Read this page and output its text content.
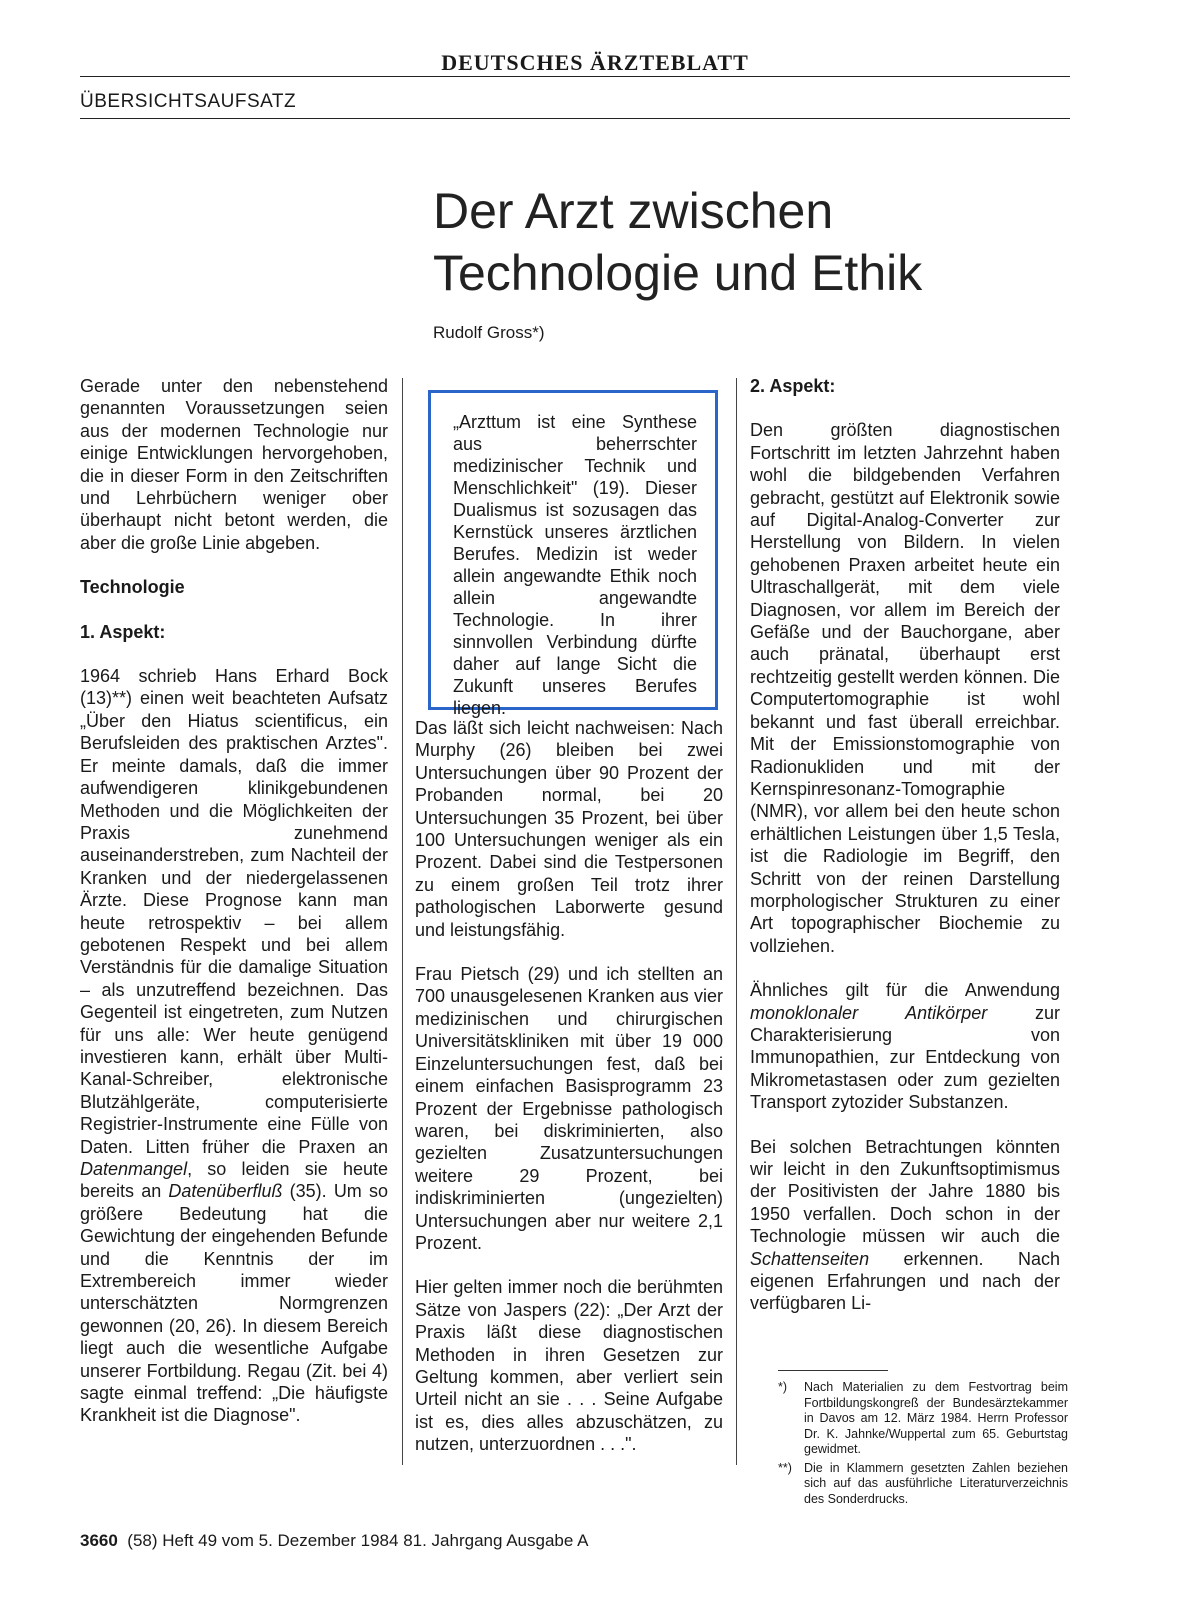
DEUTSCHES ÄRZTEBLATT
ÜBERSICHTSAUFSATZ
Der Arzt zwischen
Technologie und Ethik
Rudolf Gross*)

Gerade unter den nebenstehend genannten Voraussetzungen seien aus der modernen Technologie nur einige Entwicklungen hervorgehoben, die in dieser Form in den Zeitschriften und Lehrbüchern weniger ober überhaupt nicht betont werden, die aber die große Linie abgeben.

Technologie
1. Aspekt:

1964 schrieb Hans Erhard Bock (13)**) einen weit beachteten Aufsatz „Über den Hiatus scientificus, ein Berufsleiden des praktischen Arztes". Er meinte damals, daß die immer aufwendigeren klinikgebundenen Methoden und die Möglichkeiten der Praxis zunehmend auseinanderstreben, zum Nachteil der Kranken und der niedergelassenen Ärzte. Diese Prognose kann man heute retrospektiv – bei allem gebotenen Respekt und bei allem Verständnis für die damalige Situation – als unzutreffend bezeichnen. Das Gegenteil ist eingetreten, zum Nutzen für uns alle: Wer heute genügend investieren kann, erhält über Multi-Kanal-Schreiber, elektronische Blutzählgeräte, computerisierte Registrier-Instrumente eine Fülle von Daten. Litten früher die Praxen an Datenmangel, so leiden sie heute bereits an Datenüberfluß (35). Um so größere Bedeutung hat die Gewichtung der eingehenden Befunde und die Kenntnis der im Extrembereich immer wieder unterschätzten Normgrenzen gewonnen (20, 26). In diesem Bereich liegt auch die wesentliche Aufgabe unserer Fortbildung. Regau (Zit. bei 4) sagte einmal treffend: „Die häufigste Krankheit ist die Diagnose".

„Arzttum ist eine Synthese aus beherrschter medizinischer Technik und Menschlichkeit" (19). Dieser Dualismus ist sozusagen das Kernstück unseres ärztlichen Berufes. Medizin ist weder allein angewandte Ethik noch allein angewandte Technologie. In ihrer sinnvollen Verbindung dürfte daher auf lange Sicht die Zukunft unseres Berufes liegen.

Das läßt sich leicht nachweisen: Nach Murphy (26) bleiben bei zwei Untersuchungen über 90 Prozent der Probanden normal, bei 20 Untersuchungen 35 Prozent, bei über 100 Untersuchungen weniger als ein Prozent. Dabei sind die Testpersonen zu einem großen Teil trotz ihrer pathologischen Laborwerte gesund und leistungsfähig.

Frau Pietsch (29) und ich stellten an 700 unausgelesenen Kranken aus vier medizinischen und chirurgischen Universitätskliniken mit über 19 000 Einzeluntersuchungen fest, daß bei einem einfachen Basisprogramm 23 Prozent der Ergebnisse pathologisch waren, bei diskriminierten, also gezielten Zusatzuntersuchungen weitere 29 Prozent, bei indiskriminierten (ungezielten) Untersuchungen aber nur weitere 2,1 Prozent.

Hier gelten immer noch die berühmten Sätze von Jaspers (22): „Der Arzt der Praxis läßt diese diagnostischen Methoden in ihren Gesetzen zur Geltung kommen, aber verliert sein Urteil nicht an sie . . . Seine Aufgabe ist es, dies alles abzuschätzen, zu nutzen, unterzuordnen . . .".

2. Aspekt:

Den größten diagnostischen Fortschritt im letzten Jahrzehnt haben wohl die bildgebenden Verfahren gebracht, gestützt auf Elektronik sowie auf Digital-Analog-Converter zur Herstellung von Bildern. In vielen gehobenen Praxen arbeitet heute ein Ultraschallgerät, mit dem viele Diagnosen, vor allem im Bereich der Gefäße und der Bauchorgane, aber auch pränatal, überhaupt erst rechtzeitig gestellt werden können. Die Computertomographie ist wohl bekannt und fast überall erreichbar. Mit der Emissionstomographie von Radionukliden und mit der Kernspinresonanz-Tomographie (NMR), vor allem bei den heute schon erhältlichen Leistungen über 1,5 Tesla, ist die Radiologie im Begriff, den Schritt von der reinen Darstellung morphologischer Strukturen zu einer Art topographischer Biochemie zu vollziehen.

Ähnliches gilt für die Anwendung monoklonaler Antikörper zur Charakterisierung von Immunopathien, zur Entdeckung von Mikrometastasen oder zum gezielten Transport zytozider Substanzen.

Bei solchen Betrachtungen könnten wir leicht in den Zukunftsoptimismus der Positivisten der Jahre 1880 bis 1950 verfallen. Doch schon in der Technologie müssen wir auch die Schattenseiten erkennen. Nach eigenen Erfahrungen und nach der verfügbaren Li-

*)	Nach Materialien zu dem Festvortrag beim Fortbildungskongreß der Bundesärztekammer in Davos am 12. März 1984. Herrn Professor Dr. K. Jahnke/Wuppertal zum 65. Geburtstag gewidmet.
**) Die in Klammern gesetzten Zahlen beziehen sich auf das ausführliche Literaturverzeichnis des Sonderdrucks.
3660 (58) Heft 49 vom 5. Dezember 1984 81. Jahrgang Ausgabe A
